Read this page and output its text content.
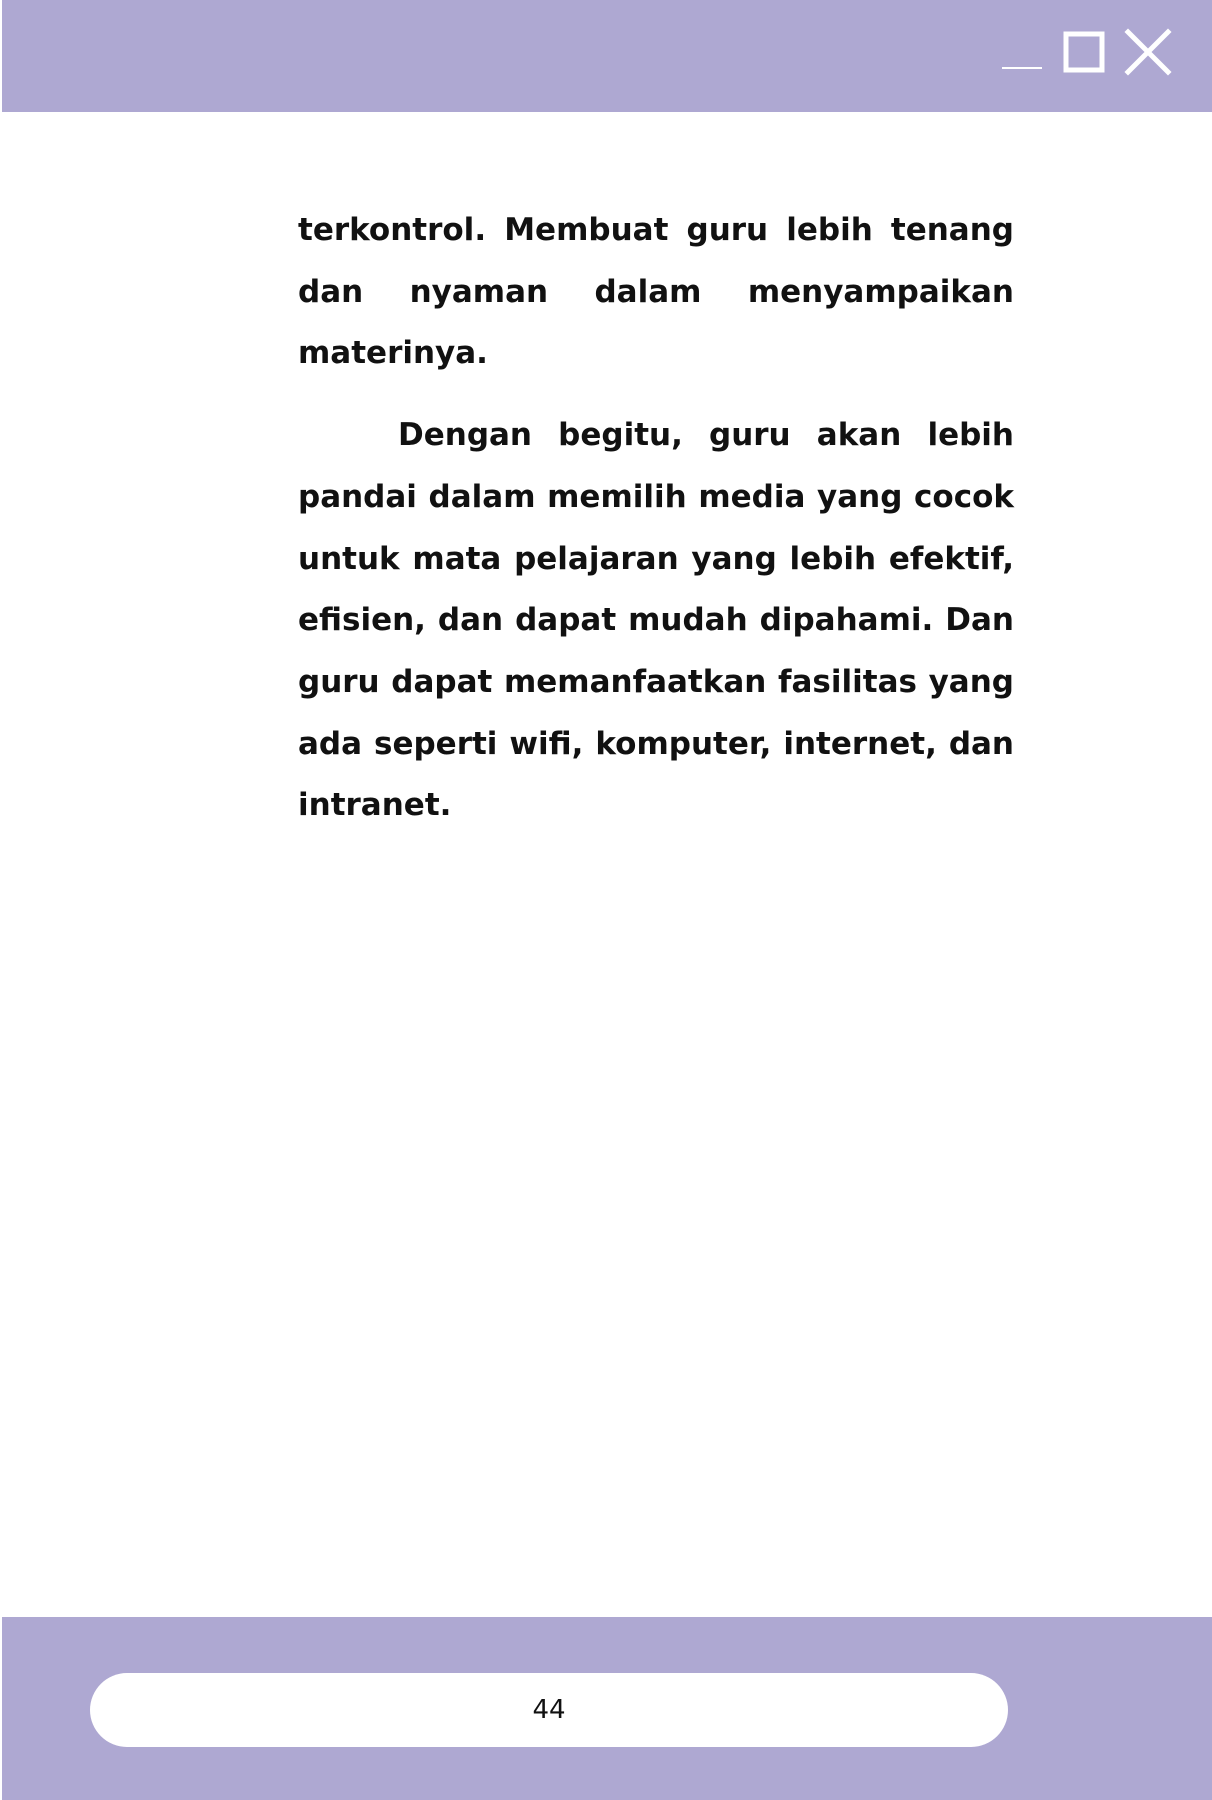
terkontrol. Membuat guru lebih tenang dan nyaman dalam menyampaikan materinya.

Dengan begitu, guru akan lebih pandai dalam memilih media yang cocok untuk mata pelajaran yang lebih efektif, efisien, dan dapat mudah dipahami. Dan guru dapat memanfaatkan fasilitas yang ada seperti wifi, komputer, internet, dan intranet.

44
